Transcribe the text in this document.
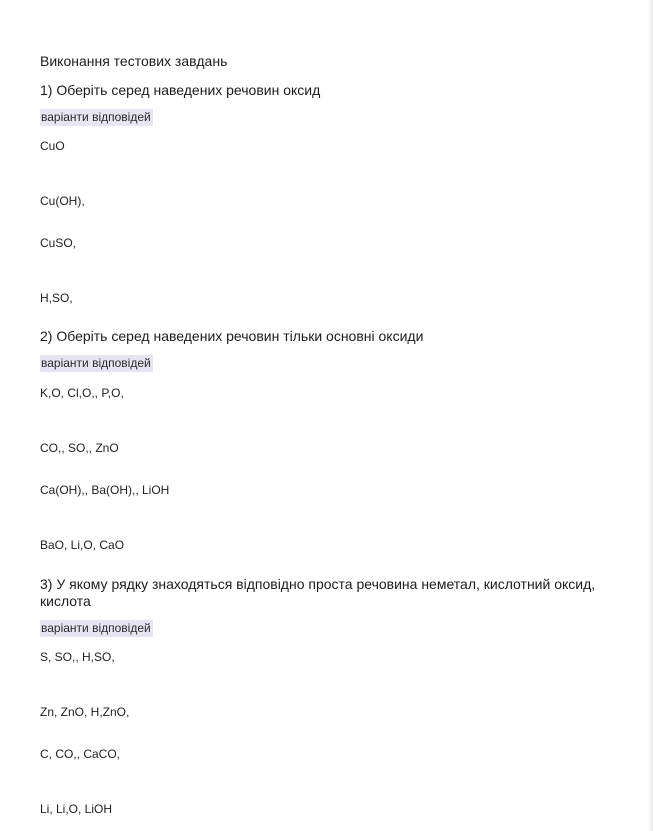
Виконання тестових завдань
1) Оберіть серед наведених речовин оксид
варіанти відповідей
CuO
Cu(OH),
CuSO,
H,SO,
2) Оберіть серед наведених речовин тільки основні оксиди
варіанти відповідей
K,O, Cl,O,, P,O,
CO,, SO,, ZnO
Ca(OH),, Ba(OH),, LiOH
BaO, Li,O, CaO
3) У якому рядку знаходяться відповідно проста речовина неметал, кислотний оксид, кислота
варіанти відповідей
S, SO,, H,SO,
Zn, ZnO, H,ZnO,
C, CO,, CaCO,
Li, Li,O, LiOH
